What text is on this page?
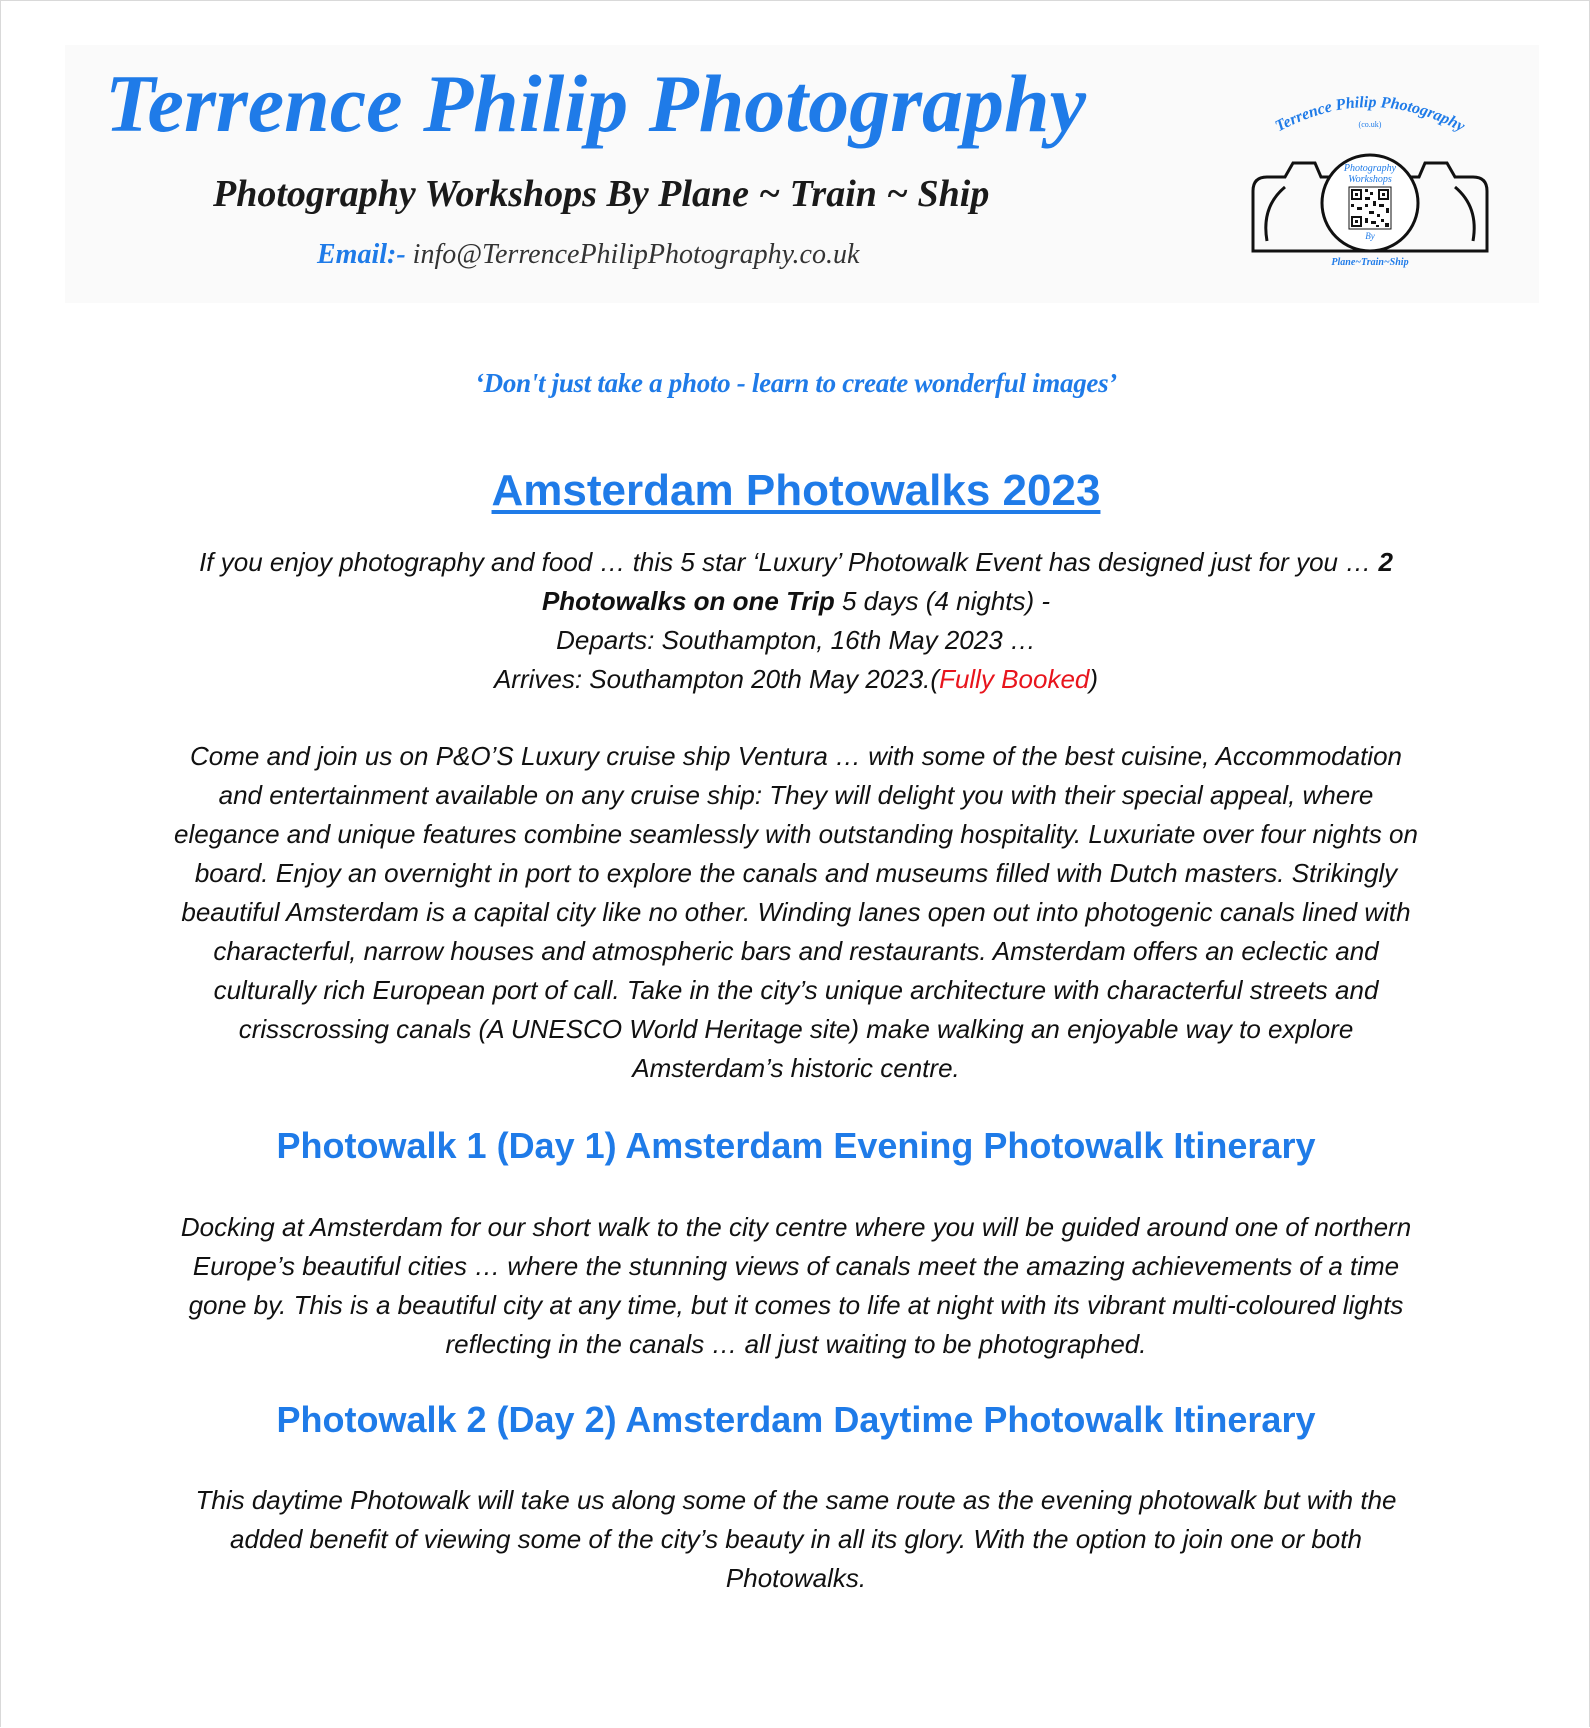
Terrence Philip Photography

Photography Workshops By Plane ~ Train ~ Ship

Email:- info@TerrencePhilipPhotography.co.uk

Terrence Philip Photography
(co.uk)
Photography
Workshops
By
Plane~Train~Ship

‘Don't just take a photo - learn to create wonderful images’

Amsterdam Photowalks 2023

If you enjoy photography and food … this 5 star ‘Luxury’ Photowalk Event has designed just for you … 2 Photowalks on one Trip 5 days (4 nights) -
Departs: Southampton, 16th May 2023 …
Arrives: Southampton 20th May 2023.(Fully Booked)

Come and join us on P&O’S Luxury cruise ship Ventura … with some of the best cuisine, Accommodation and entertainment available on any cruise ship: They will delight you with their special appeal, where elegance and unique features combine seamlessly with outstanding hospitality. Luxuriate over four nights on board. Enjoy an overnight in port to explore the canals and museums filled with Dutch masters. Strikingly beautiful Amsterdam is a capital city like no other. Winding lanes open out into photogenic canals lined with characterful, narrow houses and atmospheric bars and restaurants. Amsterdam offers an eclectic and culturally rich European port of call. Take in the city’s unique architecture with characterful streets and crisscrossing canals (A UNESCO World Heritage site) make walking an enjoyable way to explore Amsterdam’s historic centre.

Photowalk 1 (Day 1) Amsterdam Evening Photowalk Itinerary

Docking at Amsterdam for our short walk to the city centre where you will be guided around one of northern Europe’s beautiful cities … where the stunning views of canals meet the amazing achievements of a time gone by. This is a beautiful city at any time, but it comes to life at night with its vibrant multi-coloured lights reflecting in the canals … all just waiting to be photographed.

Photowalk 2 (Day 2) Amsterdam Daytime Photowalk Itinerary

This daytime Photowalk will take us along some of the same route as the evening photowalk but with the added benefit of viewing some of the city’s beauty in all its glory. With the option to join one or both Photowalks.
